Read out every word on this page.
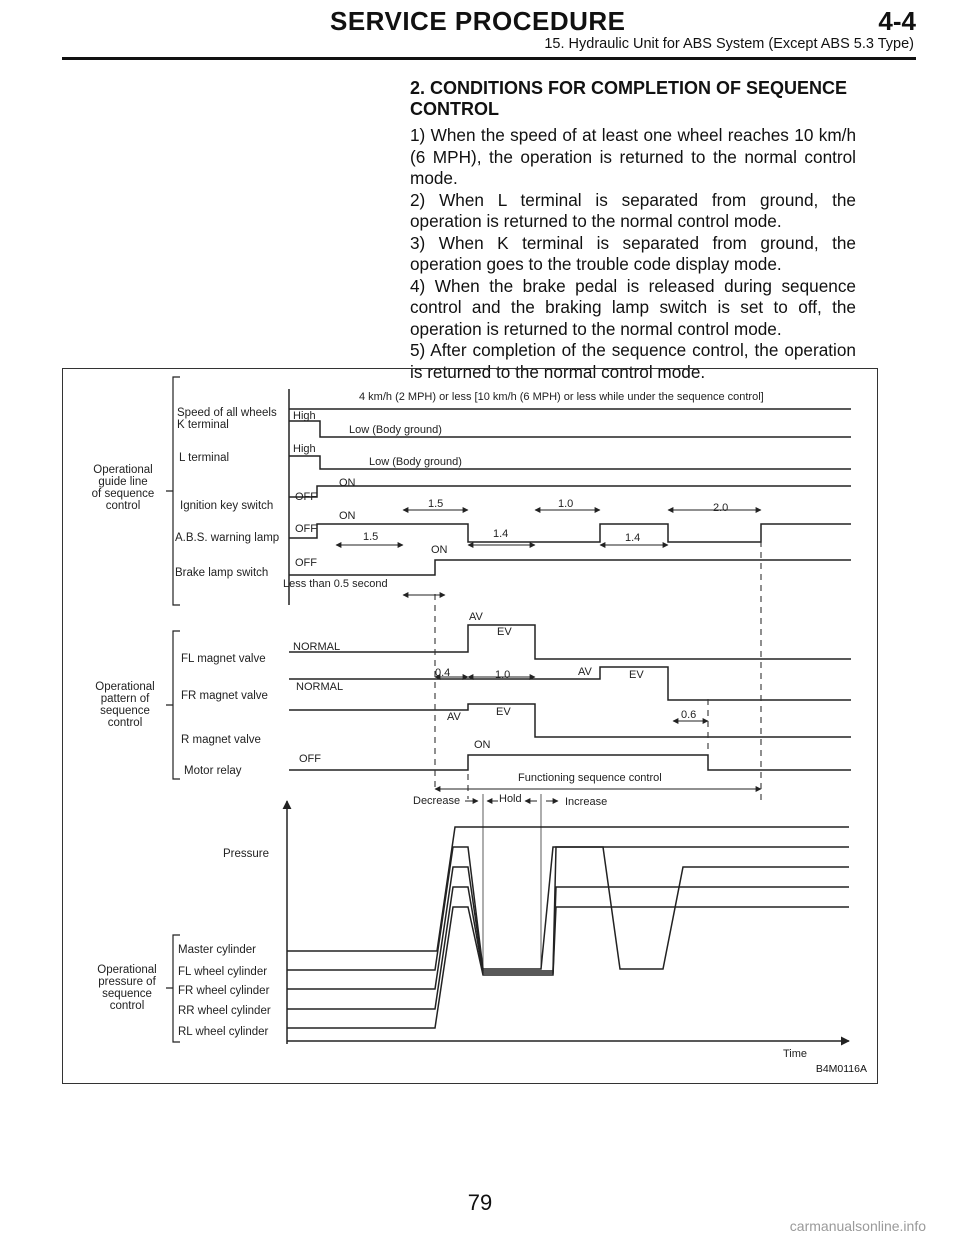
SERVICE PROCEDURE	4-4
15. Hydraulic Unit for ABS System (Except ABS 5.3 Type)
2. CONDITIONS FOR COMPLETION OF SEQUENCE
CONTROL

1) When the speed of at least one wheel reaches 10 km/h (6 MPH), the operation is returned to the normal control mode.

2) When L terminal is separated from ground, the operation is returned to the normal control mode.

3) When K terminal is separated from ground, the operation goes to the trouble code display mode.

4) When the brake pedal is released during sequence control and the braking lamp switch is set to off, the operation is returned to the normal control mode.

5) After completion of the sequence control, the operation is returned to the normal control mode.

Operational
guide line
of sequence
control
Operational
pattern of
sequence
control
Operational
pressure of
sequence
control
Speed of all wheels
K terminal
L terminal
Ignition key switch
A.B.S. warning lamp
Brake lamp switch
FL magnet valve
FR magnet valve
R magnet valve
Motor relay
Pressure
Master cylinder
FL wheel cylinder
FR wheel cylinder
RR wheel cylinder
RL wheel cylinder
4 km/h (2 MPH) or less [10 km/h (6 MPH) or less while under the sequence control]
High
Low (Body ground)
High
Low (Body ground)
OFF
ON
OFF
ON
1.5	1.0	2.0
1.5	1.4	1.4
OFF
ON
Less than 0.5 second
NORMAL
AV
EV
NORMAL
0.4	1.0	AV	EV
AV	EV	0.6
OFF
ON
Functioning sequence control
Decrease	Hold	Increase
Time
B4M0116A
79
carmanualsonline.info
